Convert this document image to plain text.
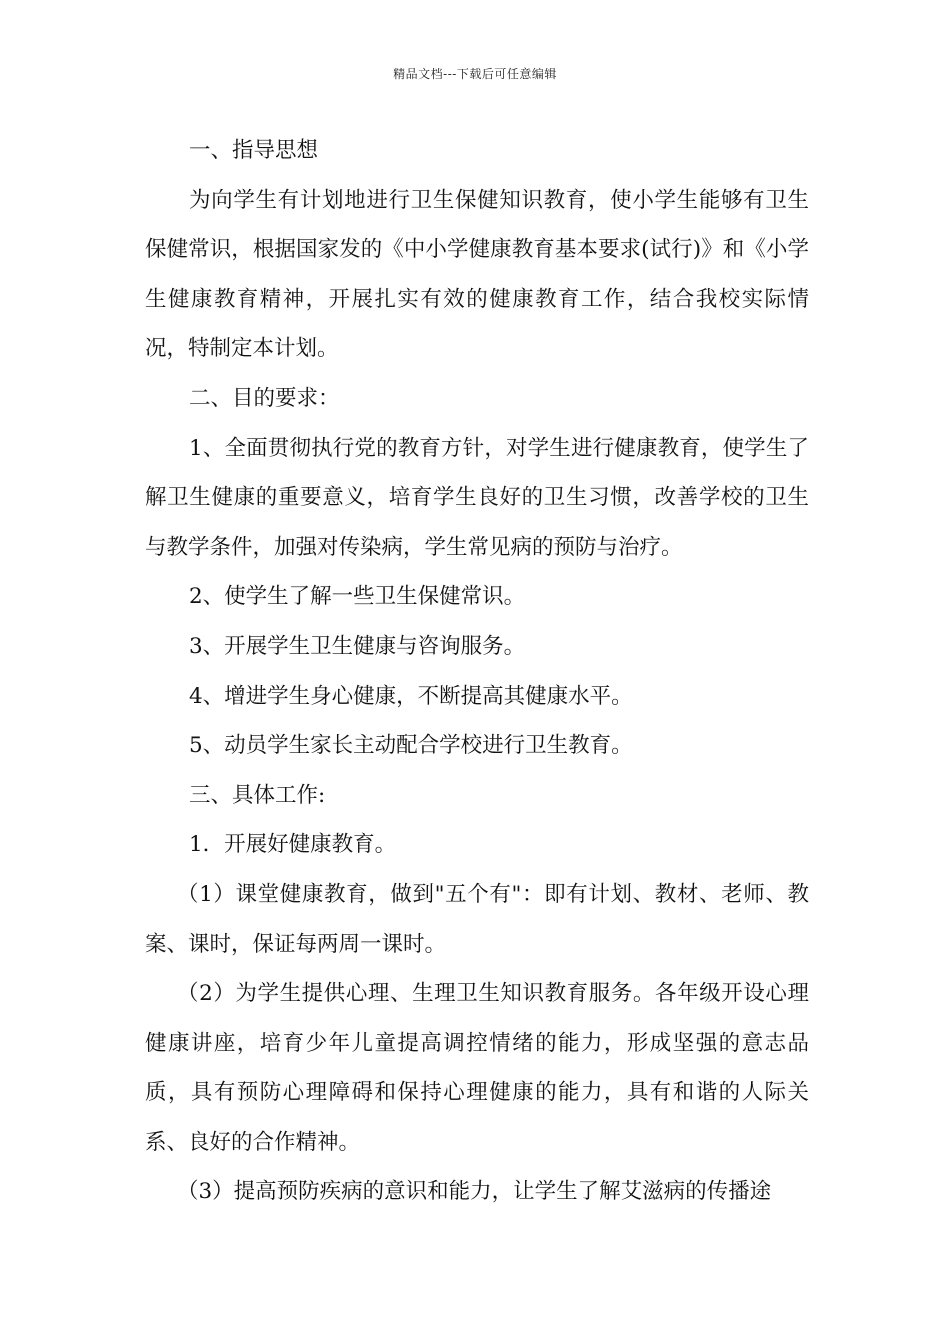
精品文档---下载后可任意编辑

一、指导思想

为向学生有计划地进行卫生保健知识教育，使小学生能够有卫生保健常识，根据国家发的《中小学健康教育基本要求(试行)》和《小学生健康教育精神，开展扎实有效的健康教育工作，结合我校实际情况，特制定本计划。

二、目的要求：

1、全面贯彻执行党的教育方针，对学生进行健康教育，使学生了解卫生健康的重要意义，培育学生良好的卫生习惯，改善学校的卫生与教学条件，加强对传染病，学生常见病的预防与治疗。

2、使学生了解一些卫生保健常识。

3、开展学生卫生健康与咨询服务。

4、增进学生身心健康，不断提高其健康水平。

5、动员学生家长主动配合学校进行卫生教育。

三、具体工作:

1．开展好健康教育。

（1）课堂健康教育，做到"五个有"：即有计划、教材、老师、教案、课时，保证每两周一课时。

（2）为学生提供心理、生理卫生知识教育服务。各年级开设心理健康讲座，培育少年儿童提高调控情绪的能力，形成坚强的意志品质，具有预防心理障碍和保持心理健康的能力，具有和谐的人际关系、良好的合作精神。

（3）提高预防疾病的意识和能力，让学生了解艾滋病的传播途
